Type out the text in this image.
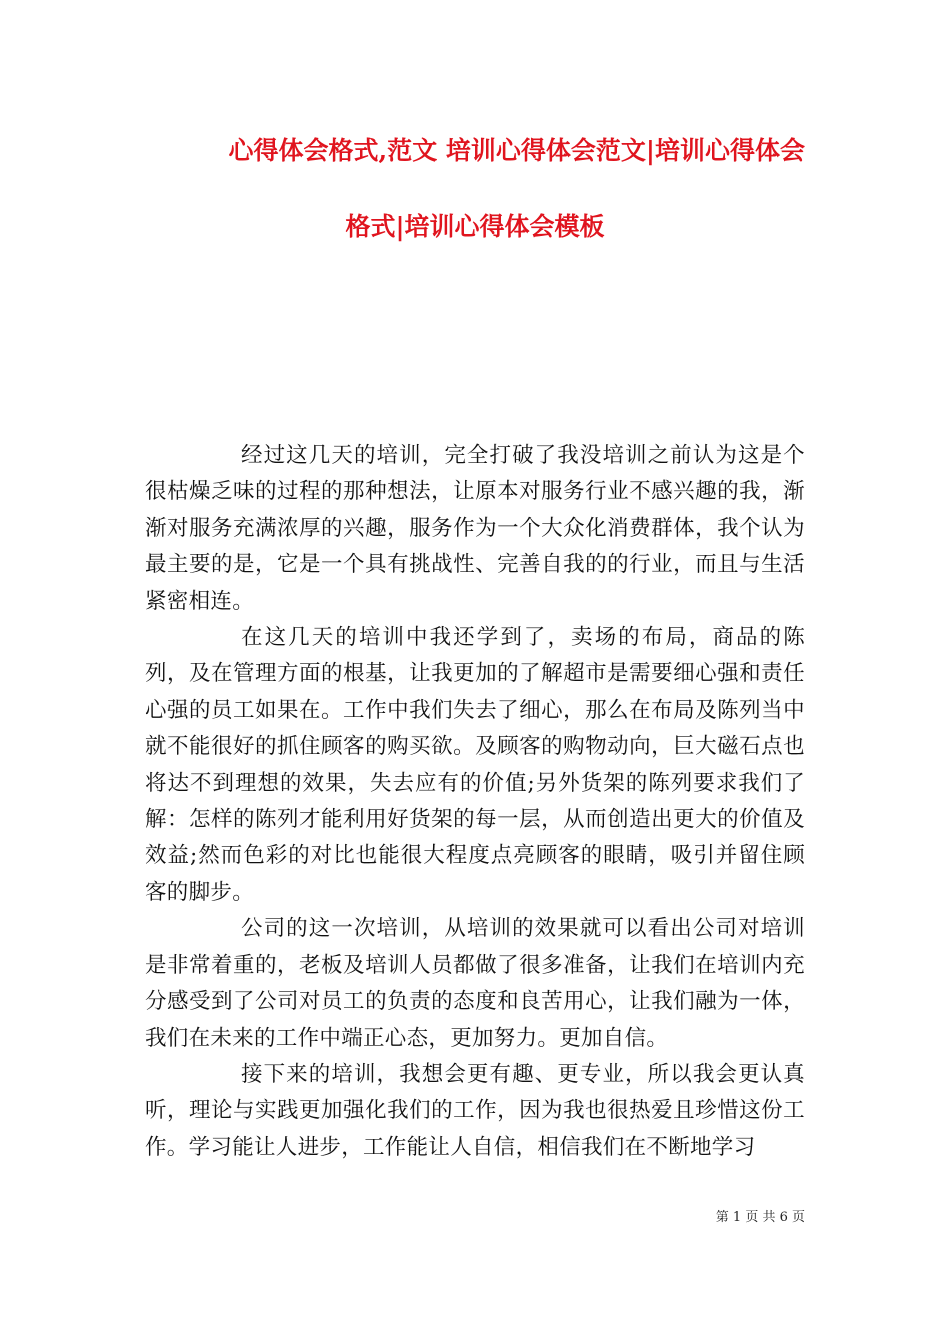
心得体会格式,范文 培训心得体会范文|培训心得体会
格式|培训心得体会模板

经过这几天的培训，完全打破了我没培训之前认为这是个很枯燥乏味的过程的那种想法，让原本对服务行业不感兴趣的我，渐渐对服务充满浓厚的兴趣，服务作为一个大众化消费群体，我个认为最主要的是，它是一个具有挑战性、完善自我的的行业，而且与生活紧密相连。

在这几天的培训中我还学到了，卖场的布局，商品的陈列，及在管理方面的根基，让我更加的了解超市是需要细心强和责任心强的员工如果在。工作中我们失去了细心，那么在布局及陈列当中就不能很好的抓住顾客的购买欲。及顾客的购物动向，巨大磁石点也将达不到理想的效果，失去应有的价值;另外货架的陈列要求我们了解：怎样的陈列才能利用好货架的每一层，从而创造出更大的价值及效益;然而色彩的对比也能很大程度点亮顾客的眼睛，吸引并留住顾客的脚步。

公司的这一次培训，从培训的效果就可以看出公司对培训是非常着重的，老板及培训人员都做了很多准备，让我们在培训内充分感受到了公司对员工的负责的态度和良苦用心，让我们融为一体，我们在未来的工作中端正心态，更加努力。更加自信。

接下来的培训，我想会更有趣、更专业，所以我会更认真听，理论与实践更加强化我们的工作，因为我也很热爱且珍惜这份工作。学习能让人进步，工作能让人自信，相信我们在不断地学习

第 1 页 共 6 页
